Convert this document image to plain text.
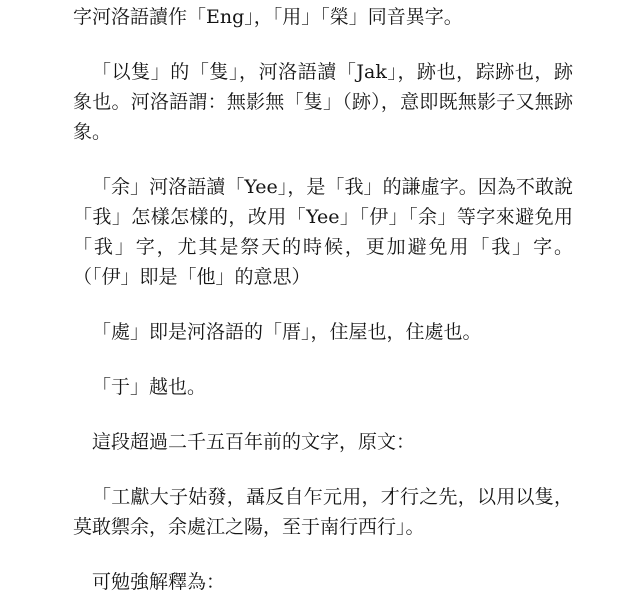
字河洛語讀作「Eng」，「用」「榮」同音異字。

「以隻」的「隻」，河洛語讀「Jak」，跡也，踪跡也，跡象也。河洛語謂：無影無「隻」（跡），意即既無影子又無跡象。

「余」河洛語讀「Yee」，是「我」的謙虛字。因為不敢說「我」怎樣怎樣的，改用「Yee」「伊」「余」等字來避免用「我」字，尤其是祭天的時候，更加避免用「我」字。（「伊」即是「他」的意思）

「處」即是河洛語的「厝」，住屋也，住處也。

「于」越也。

這段超過二千五百年前的文字，原文：

「工獻大子姑發，聶反自乍元用，才行之先，以用以隻，莫敢禦余，余處江之陽，至于南行西行」。

可勉強解釋為：
